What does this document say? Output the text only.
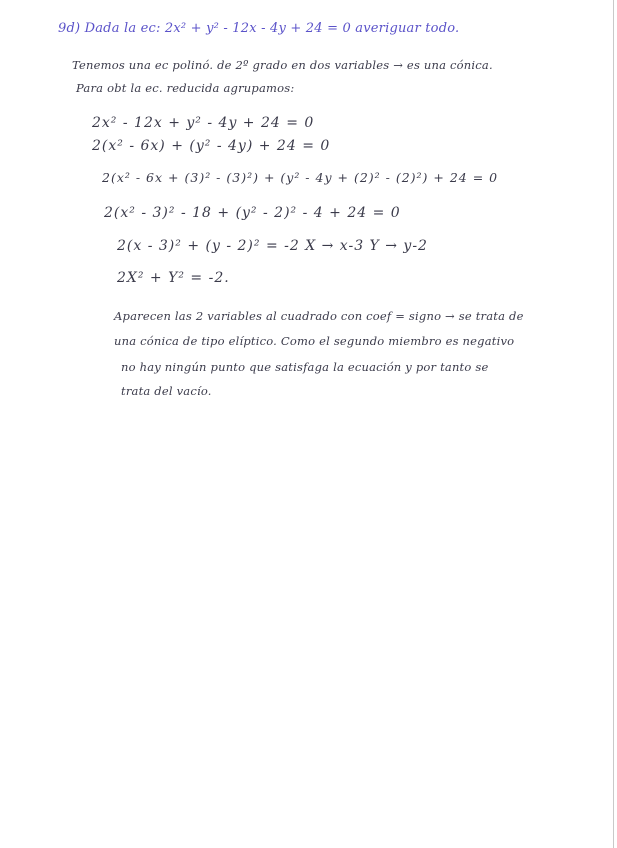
9d) Dada la ec: 2x² + y² - 12x - 4y + 24 = 0 averiguar todo.
Tenemos una ec polinó. de 2º grado en dos variables → es una cónica.
Para obt la ec. reducida agrupamos:
2x² - 12x + y² - 4y + 24 = 0
2(x² - 6x) + (y² - 4y) + 24 = 0
2(x² - 6x + (3)² - (3)²) + (y² - 4y + (2)² - (2)²) + 24 = 0
2(x² - 3)² - 18 + (y² - 2)² - 4 + 24 = 0
2(x - 3)² + (y - 2)² = -2 X → x-3 Y → y-2
2X² + Y² = -2.
Aparecen las 2 variables al cuadrado con coef = signo → se trata de
una cónica de tipo elíptico. Como el segundo miembro es negativo
no hay ningún punto que satisfaga la ecuación y por tanto se
trata del vacío.
